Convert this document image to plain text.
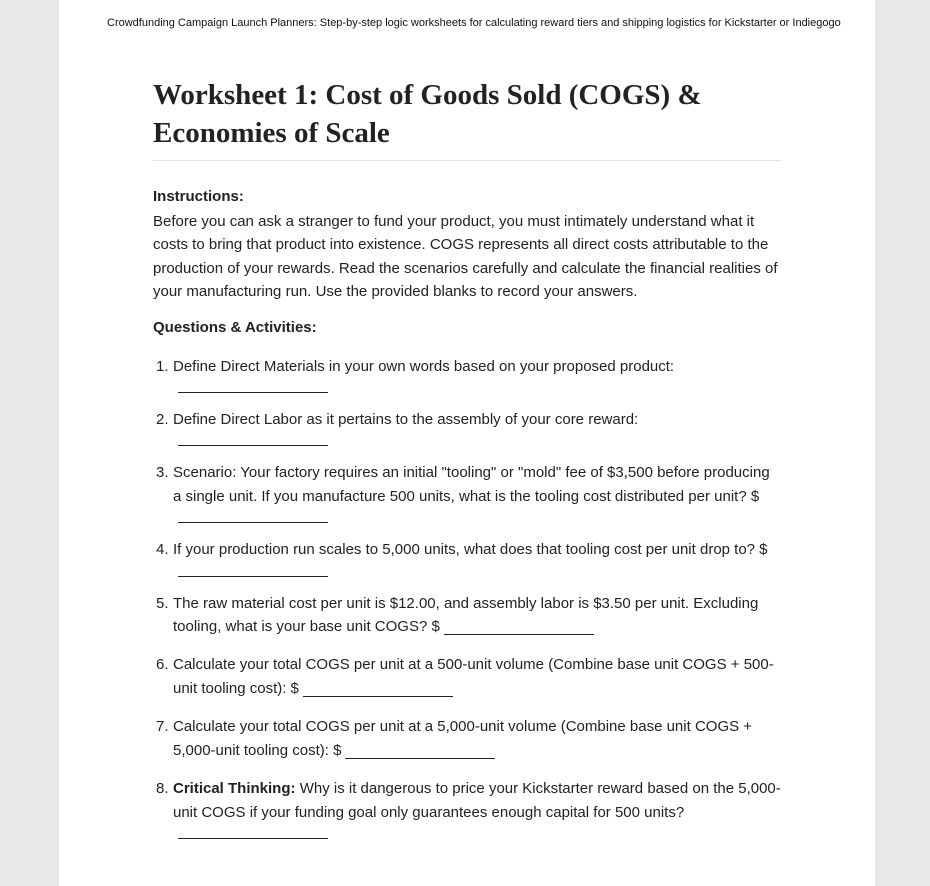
Crowdfunding Campaign Launch Planners: Step-by-step logic worksheets for calculating reward tiers and shipping logistics for Kickstarter or Indiegogo
Worksheet 1: Cost of Goods Sold (COGS) & Economies of Scale
Instructions:
Before you can ask a stranger to fund your product, you must intimately understand what it costs to bring that product into existence. COGS represents all direct costs attributable to the production of your rewards. Read the scenarios carefully and calculate the financial realities of your manufacturing run. Use the provided blanks to record your answers.
Questions & Activities:
1. Define Direct Materials in your own words based on your proposed product:
2. Define Direct Labor as it pertains to the assembly of your core reward:
3. Scenario: Your factory requires an initial "tooling" or "mold" fee of $3,500 before producing a single unit. If you manufacture 500 units, what is the tooling cost distributed per unit? $
4. If your production run scales to 5,000 units, what does that tooling cost per unit drop to? $
5. The raw material cost per unit is $12.00, and assembly labor is $3.50 per unit. Excluding tooling, what is your base unit COGS? $
6. Calculate your total COGS per unit at a 500-unit volume (Combine base unit COGS + 500-unit tooling cost): $
7. Calculate your total COGS per unit at a 5,000-unit volume (Combine base unit COGS + 5,000-unit tooling cost): $
8. Critical Thinking: Why is it dangerous to price your Kickstarter reward based on the 5,000-unit COGS if your funding goal only guarantees enough capital for 500 units?
